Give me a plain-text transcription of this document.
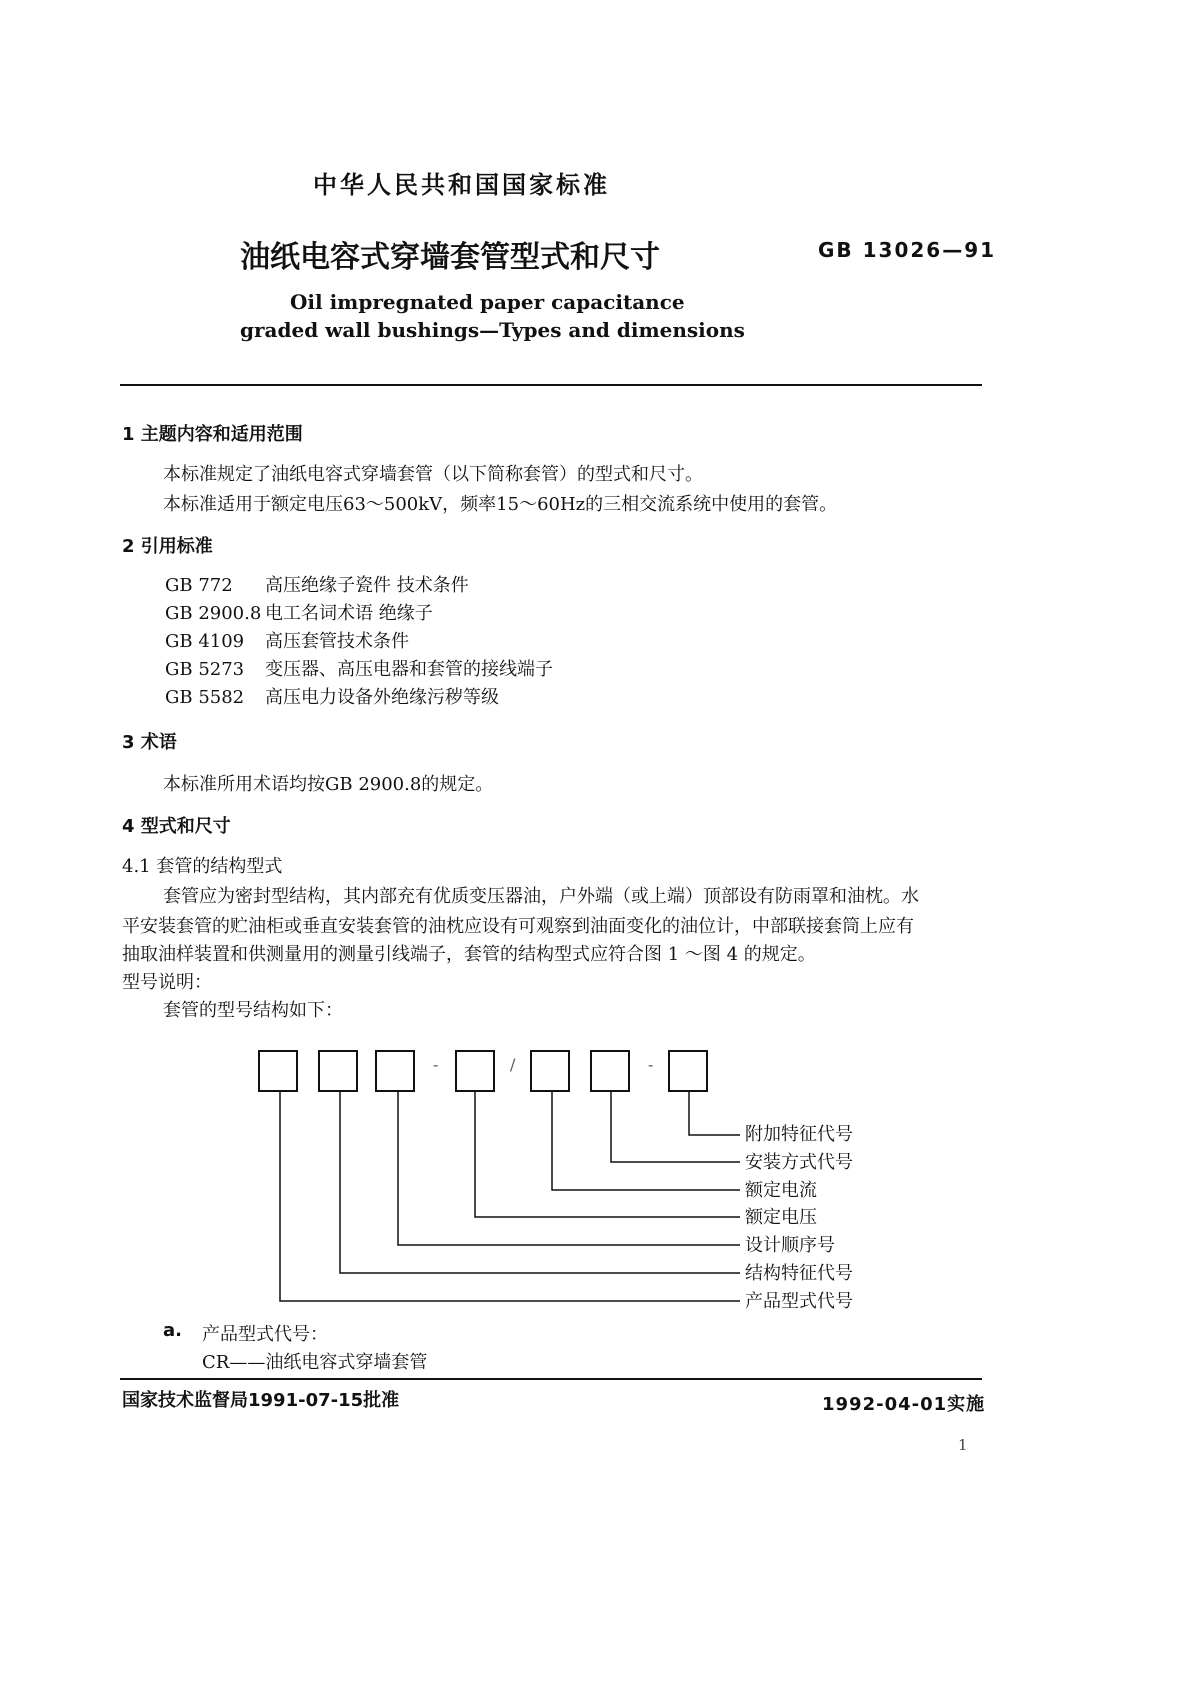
中华人民共和国国家标准
油纸电容式穿墙套管型式和尺寸	GB 13026—91
Oil impregnated paper capacitance
graded wall bushings—Types and dimensions
1 主题内容和适用范围
本标准规定了油纸电容式穿墙套管（以下简称套管）的型式和尺寸。
本标准适用于额定电压63～500kV，频率15～60Hz的三相交流系统中使用的套管。
2 引用标准
GB 772 高压绝缘子瓷件 技术条件
GB 2900.8 电工名词术语 绝缘子
GB 4109 高压套管技术条件
GB 5273 变压器、高压电器和套管的接线端子
GB 5582 高压电力设备外绝缘污秽等级
3 术语
本标准所用术语均按GB 2900.8的规定。
4 型式和尺寸
4.1 套管的结构型式
套管应为密封型结构，其内部充有优质变压器油，户外端（或上端）顶部设有防雨罩和油枕。水
平安装套管的贮油柜或垂直安装套管的油枕应设有可观察到油面变化的油位计，中部联接套筒上应有
抽取油样装置和供测量用的测量引线端子，套管的结构型式应符合图 1 ～图 4 的规定。
型号说明：
套管的型号结构如下：
-	/	-
附加特征代号
安装方式代号
额定电流
额定电压
设计顺序号
结构特征代号
产品型式代号
a. 产品型式代号：
CR——油纸电容式穿墙套管
国家技术监督局1991-07-15批准	1992-04-01实施
1
